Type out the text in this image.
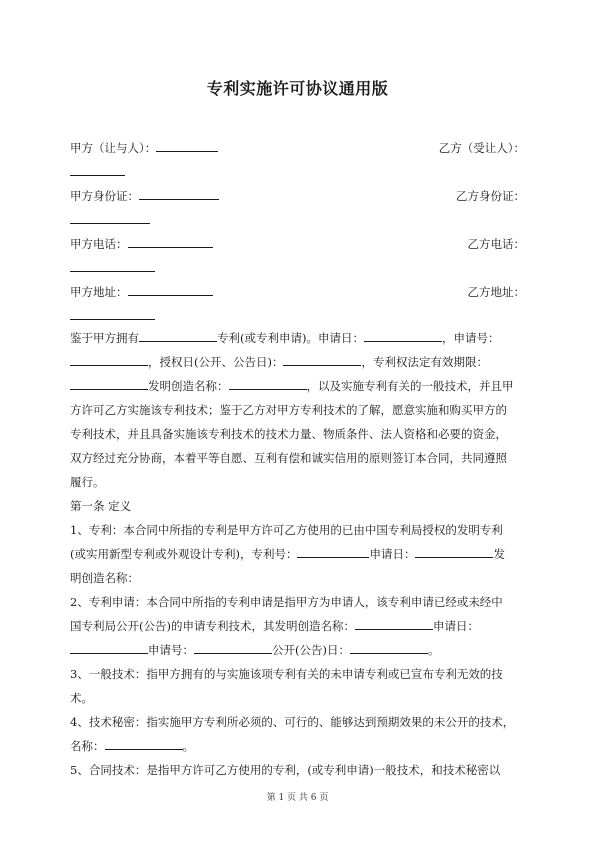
专利实施许可协议通用版
甲方（让与人）：	乙方（受让人）：
甲方身份证：	乙方身份证：
甲方电话：	乙方电话：
甲方地址：	乙方地址：
鉴于甲方拥有	专利(或专利申请)。申请日：	，申请号：
，授权日(公开、公告日)：	，专利权法定有效期限：
发明创造名称：	，以及实施专利有关的一般技术，并且甲
方许可乙方实施该专利技术；鉴于乙方对甲方专利技术的了解，愿意实施和购买甲方的
专利技术，并且具备实施该专利技术的技术力量、物质条件、法人资格和必要的资金，
双方经过充分协商，本着平等自愿、互利有偿和诚实信用的原则签订本合同，共同遵照
履行。
第一条 定义
1、专利：本合同中所指的专利是甲方许可乙方使用的已由中国专利局授权的发明专利
(或实用新型专利或外观设计专利)，专利号：	申请日：	发
明创造名称：
2、专利申请：本合同中所指的专利申请是指甲方为申请人，该专利申请已经或未经中
国专利局公开(公告)的申请专利技术，其发明创造名称：	申请日：
申请号：	公开(公告)日：	。
3、一般技术：指甲方拥有的与实施该项专利有关的未申请专利或已宣布专利无效的技
术。
4、技术秘密：指实施甲方专利所必须的、可行的、能够达到预期效果的未公开的技术，
名称：	。
5、合同技术：是指甲方许可乙方使用的专利，(或专利申请)一般技术，和技术秘密以
第 1 页 共 6 页
